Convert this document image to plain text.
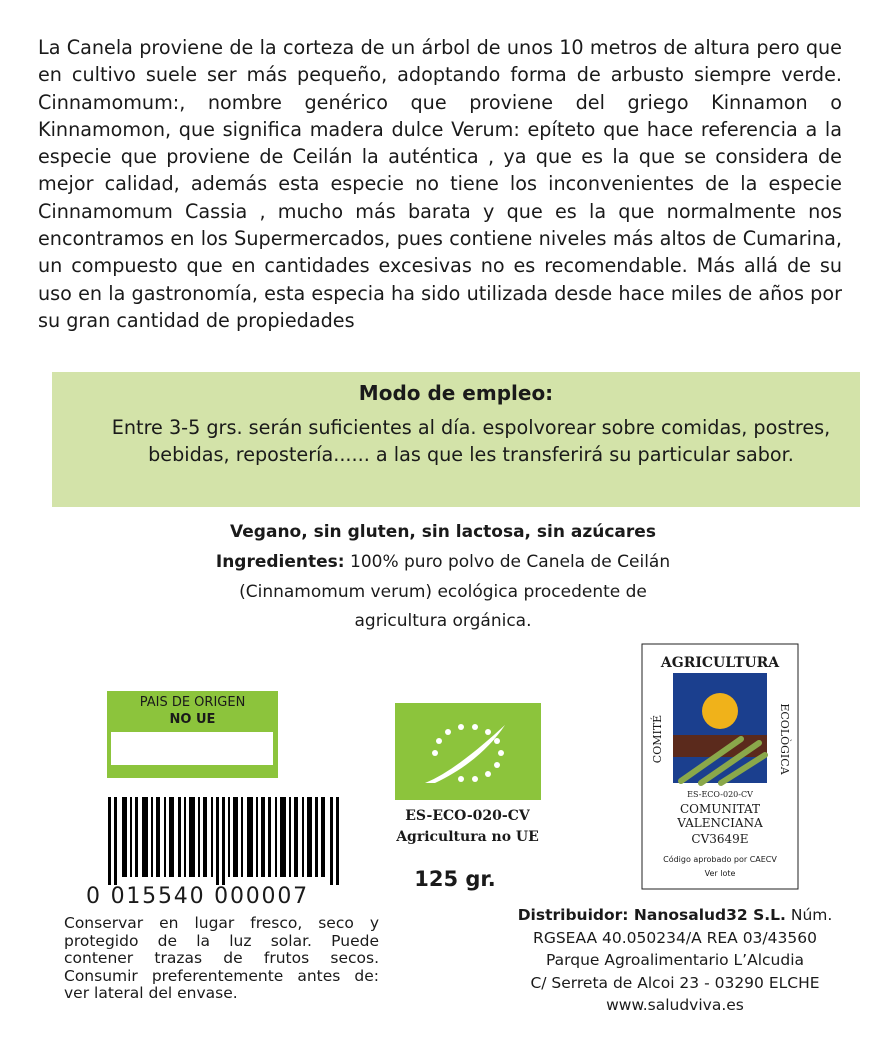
La Canela proviene de la corteza de un árbol de unos 10 metros de altura pero que en cultivo suele ser más pequeño, adoptando forma de arbusto siempre verde. Cinnamomum:, nombre genérico que proviene del griego Kinnamon o Kinnamomon, que significa madera dulce Verum: epíteto que hace referencia a la especie que proviene de Ceilán la auténtica , ya que es la que se considera de mejor calidad, además esta especie no tiene los inconvenientes de la especie Cinnamomum Cassia , mucho más barata y que es la que normalmente nos encontramos en los Supermercados, pues contiene niveles más altos de Cumarina, un compuesto que en cantidades excesivas no es recomendable. Más allá de su uso en la gastronomía, esta especia ha sido utilizada desde hace miles de años por su gran cantidad de propiedades

Modo de empleo:
Entre 3-5 grs. serán suficientes al día. espolvorear sobre comidas, postres, bebidas, repostería...... a las que les transferirá su particular sabor.

Vegano, sin gluten, sin lactosa, sin azúcares

Ingredientes: 100% puro polvo de Canela de Ceilán

(Cinnamomum verum) ecológica procedente de

agricultura orgánica.

PAIS DE ORIGEN
NO UE
0 015540 000007

Conservar en lugar fresco, seco y protegido de la luz solar. Puede contener trazas de frutos secos. Consumir preferentemente antes de: ver lateral del envase.

ES-ECO-020-CV
Agricultura no UE
125 gr.
Distribuidor: Nanosalud32 S.L. Núm.
RGSEAA 40.050234/A REA 03/43560
Parque Agroalimentario L’Alcudia
C/ Serreta de Alcoi 23 - 03290 ELCHE
www.saludviva.es
AGRICULTURA
COMITÉ	ECOLÒGICA
ES-ECO-020-CV
COMUNITAT
VALENCIANA
CV3649E
Código aprobado por CAECV
Ver lote
